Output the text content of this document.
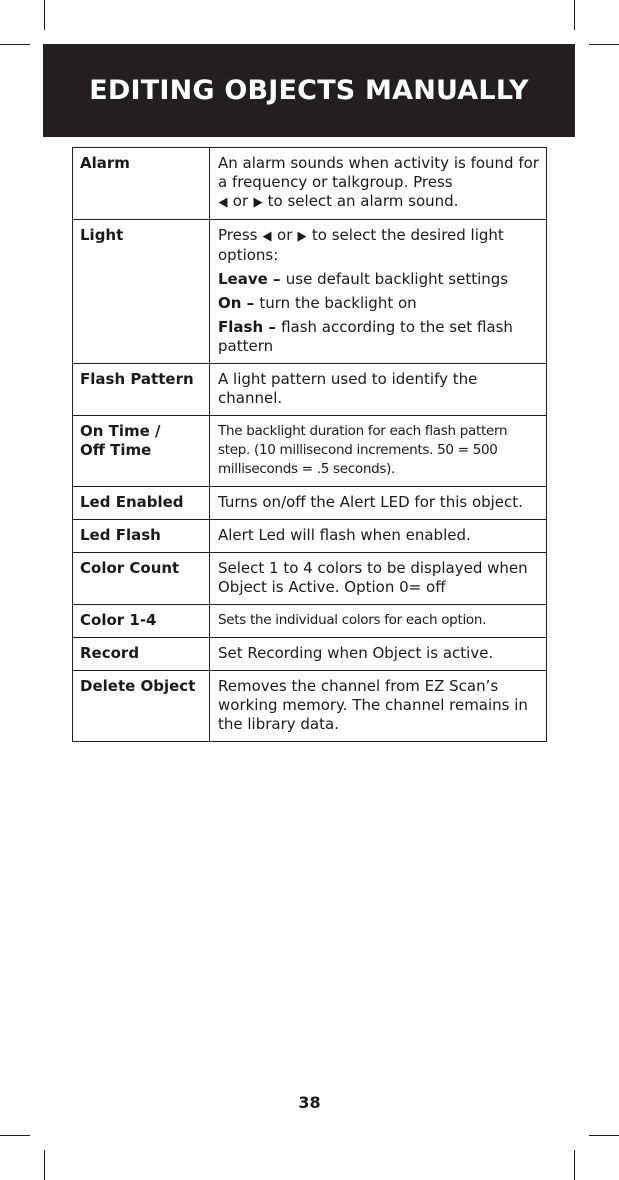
EDITING OBJECTS MANUALLY
Alarm	An alarm sounds when activity is found for a frequency or talkgroup. Press
◀ or ▶ to select an alarm sound.
Light	Press ◀ or ▶ to select the desired light options:
Leave – use default backlight settings
On – turn the backlight on
Flash – flash according to the set flash pattern

Flash Pattern	A light pattern used to identify the channel.
On Time /
Off Time	The backlight duration for each flash pattern step. (10 millisecond increments. 50 = 500 milliseconds = .5 seconds).
Led Enabled	Turns on/off the Alert LED for this object.
Led Flash	Alert Led will flash when enabled.
Color Count	Select 1 to 4 colors to be displayed when Object is Active. Option 0= off
Color 1-4	Sets the individual colors for each option.
Record	Set Recording when Object is active.
Delete Object	Removes the channel from EZ Scan’s working memory. The channel remains in the library data.
38
